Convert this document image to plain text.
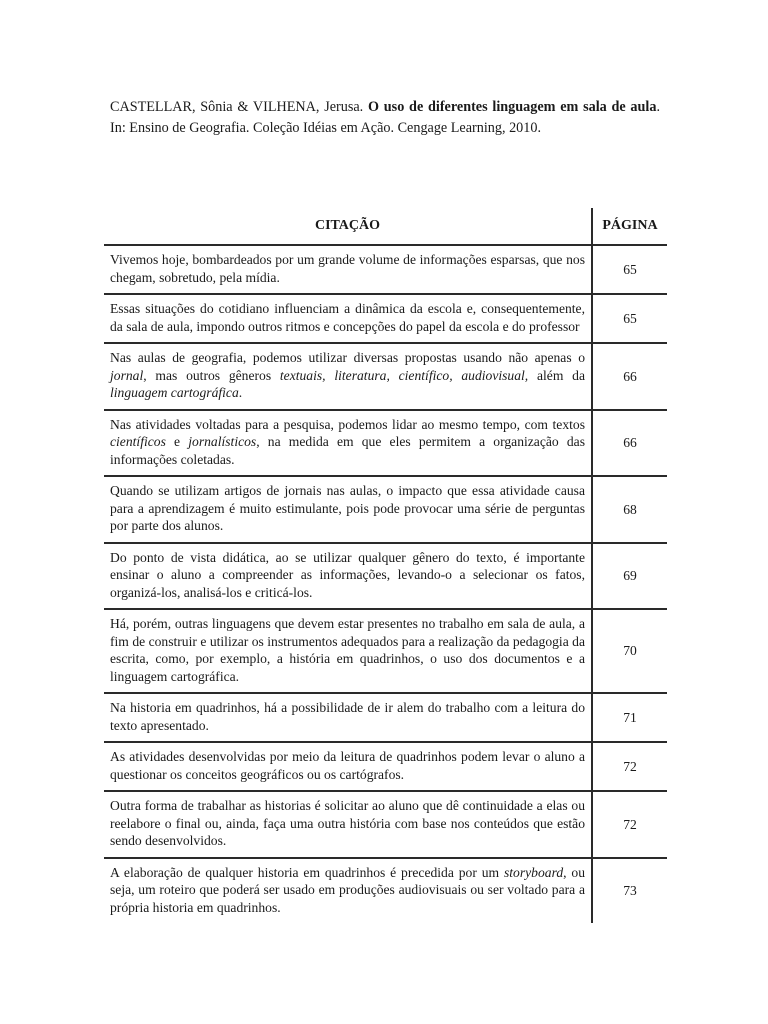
CASTELLAR, Sônia & VILHENA, Jerusa. O uso de diferentes linguagem em sala de aula. In: Ensino de Geografia. Coleção Idéias em Ação. Cengage Learning, 2010.
CITAÇÃO	PÁGINA
Vivemos hoje, bombardeados por um grande volume de informações esparsas, que nos chegam, sobretudo, pela mídia.	65
Essas situações do cotidiano influenciam a dinâmica da escola e, consequentemente, da sala de aula, impondo outros ritmos e concepções do papel da escola e do professor	65
Nas aulas de geografia, podemos utilizar diversas propostas usando não apenas o jornal, mas outros gêneros textuais, literatura, científico, audiovisual, além da linguagem cartográfica.	66
Nas atividades voltadas para a pesquisa, podemos lidar ao mesmo tempo, com textos científicos e jornalísticos, na medida em que eles permitem a organização das informações coletadas.	66
Quando se utilizam artigos de jornais nas aulas, o impacto que essa atividade causa para a aprendizagem é muito estimulante, pois pode provocar uma série de perguntas por parte dos alunos.	68
Do ponto de vista didática, ao se utilizar qualquer gênero do texto, é importante ensinar o aluno a compreender as informações, levando-o a selecionar os fatos, organizá-los, analisá-los e criticá-los.	69
Há, porém, outras linguagens que devem estar presentes no trabalho em sala de aula, a fim de construir e utilizar os instrumentos adequados para a realização da pedagogia da escrita, como, por exemplo, a história em quadrinhos, o uso dos documentos e a linguagem cartográfica.	70
Na historia em quadrinhos, há a possibilidade de ir alem do trabalho com a leitura do texto apresentado.	71
As atividades desenvolvidas por meio da leitura de quadrinhos podem levar o aluno a questionar os conceitos geográficos ou os cartógrafos.	72
Outra forma de trabalhar as historias é solicitar ao aluno que dê continuidade a elas ou reelabore o final ou, ainda, faça uma outra história com base nos conteúdos que estão sendo desenvolvidos.	72
A elaboração de qualquer historia em quadrinhos é precedida por um storyboard, ou seja, um roteiro que poderá ser usado em produções audiovisuais ou ser voltado para a própria historia em quadrinhos.	73
